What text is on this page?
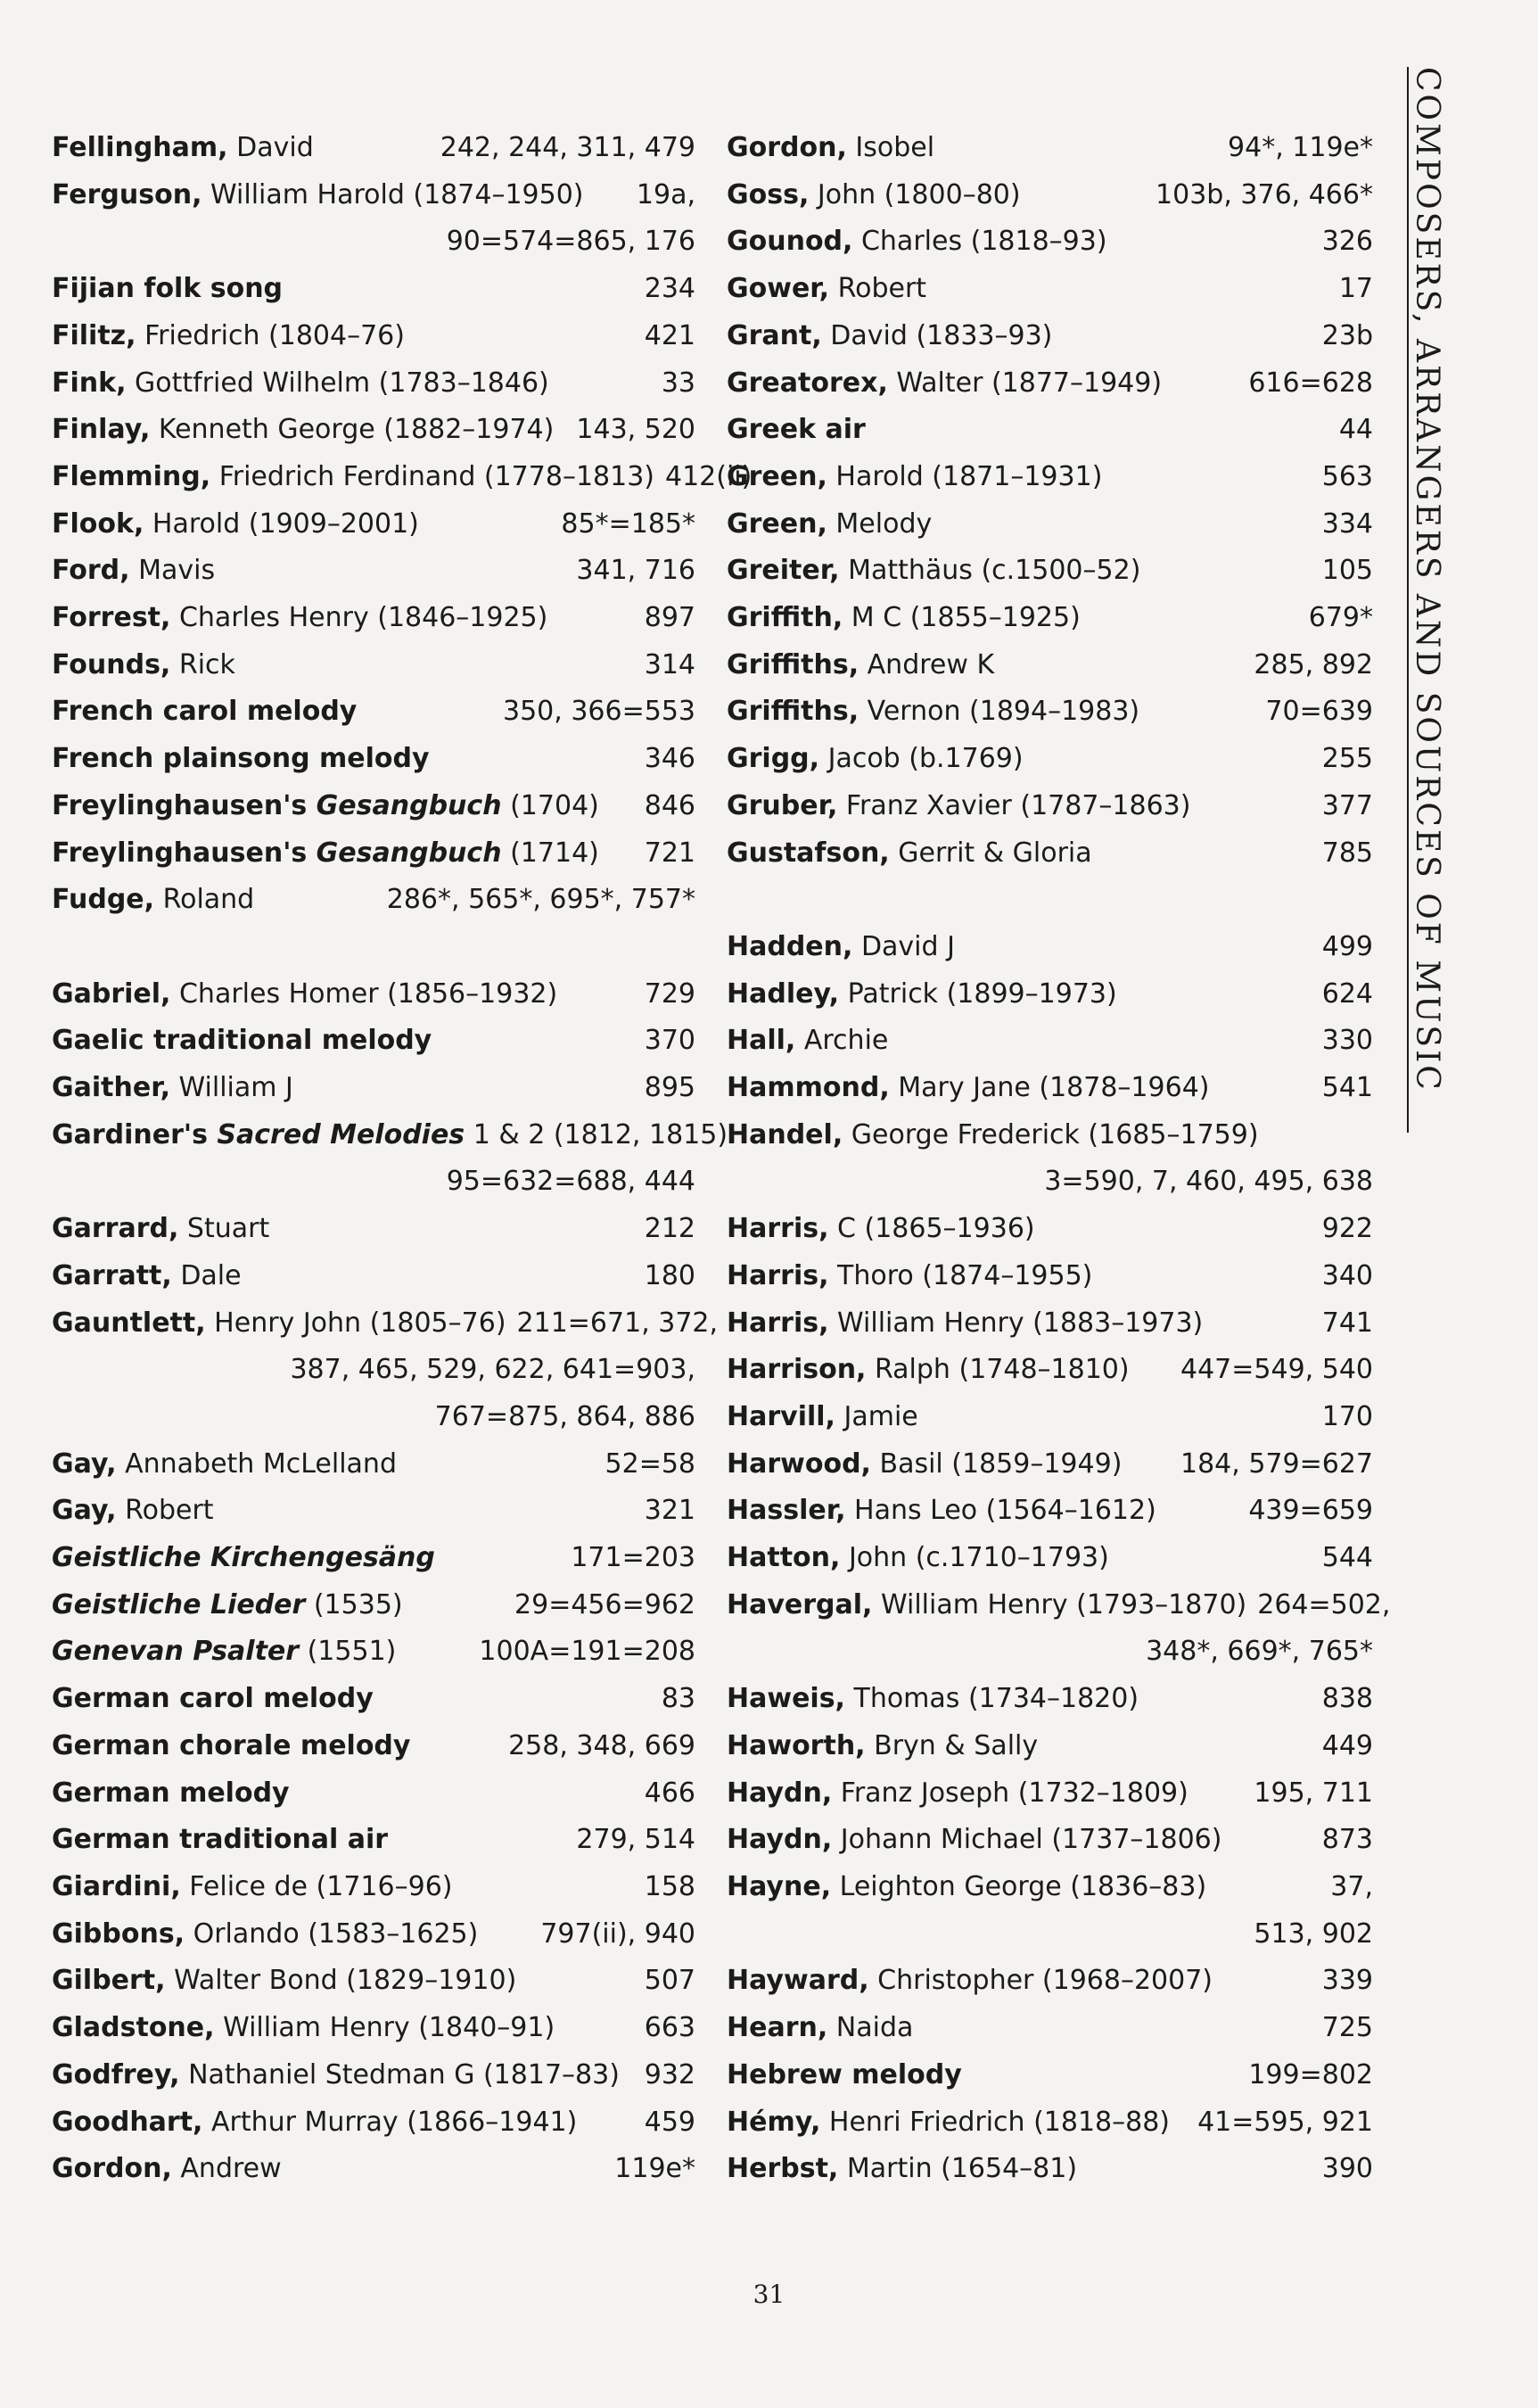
Fellingham, David	242, 244, 311, 479
Ferguson, William Harold (1874–1950) 19a,
90=574=865, 176
Fijian folk song	234
Filitz, Friedrich (1804–76)	421
Fink, Gottfried Wilhelm (1783–1846)	33
Finlay, Kenneth George (1882–1974) 143, 520
Flemming, Friedrich Ferdinand (1778–1813) 412(ii)
Flook, Harold (1909–2001)	85*=185*
Ford, Mavis	341, 716
Forrest, Charles Henry (1846–1925)	897
Founds, Rick	314
French carol melody	350, 366=553
French plainsong melody	346
Freylinghausen's Gesangbuch (1704) 846
Freylinghausen's Gesangbuch (1714) 721
Fudge, Roland	286*, 565*, 695*, 757*
Gabriel, Charles Homer (1856–1932)	729
Gaelic traditional melody	370
Gaither, William J	895
Gardiner's Sacred Melodies 1 & 2 (1812, 1815)
95=632=688, 444
Garrard, Stuart	212
Garratt, Dale	180
Gauntlett, Henry John (1805–76) 211=671, 372,
387, 465, 529, 622, 641=903,
767=875, 864, 886
Gay, Annabeth McLelland	52=58
Gay, Robert	321
Geistliche Kirchengesäng	171=203
Geistliche Lieder (1535)	29=456=962
Genevan Psalter (1551)	100A=191=208
German carol melody	83
German chorale melody	258, 348, 669
German melody	466
German traditional air	279, 514
Giardini, Felice de (1716–96)	158
Gibbons, Orlando (1583–1625) 797(ii), 940
Gilbert, Walter Bond (1829–1910)	507
Gladstone, William Henry (1840–91)	663
Godfrey, Nathaniel Stedman G (1817–83) 932
Goodhart, Arthur Murray (1866–1941)	459
Gordon, Andrew	119e*
Gordon, Isobel	94*, 119e*
Goss, John (1800–80)	103b, 376, 466*
Gounod, Charles (1818–93)	326
Gower, Robert	17
Grant, David (1833–93)	23b
Greatorex, Walter (1877–1949)	616=628
Greek air	44
Green, Harold (1871–1931)	563
Green, Melody	334
Greiter, Matthäus (c.1500–52)	105
Griffith, M C (1855–1925)	679*
Griffiths, Andrew K	285, 892
Griffiths, Vernon (1894–1983)	70=639
Grigg, Jacob (b.1769)	255
Gruber, Franz Xavier (1787–1863)	377
Gustafson, Gerrit & Gloria	785
Hadden, David J	499
Hadley, Patrick (1899–1973)	624
Hall, Archie	330
Hammond, Mary Jane (1878–1964)	541
Handel, George Frederick (1685–1759)
3=590, 7, 460, 495, 638
Harris, C (1865–1936)	922
Harris, Thoro (1874–1955)	340
Harris, William Henry (1883–1973)	741
Harrison, Ralph (1748–1810) 447=549, 540
Harvill, Jamie	170
Harwood, Basil (1859–1949) 184, 579=627
Hassler, Hans Leo (1564–1612)	439=659
Hatton, John (c.1710–1793)	544
Havergal, William Henry (1793–1870) 264=502,
348*, 669*, 765*
Haweis, Thomas (1734–1820)	838
Haworth, Bryn & Sally	449
Haydn, Franz Joseph (1732–1809) 195, 711
Haydn, Johann Michael (1737–1806)	873
Hayne, Leighton George (1836–83)	37,
513, 902
Hayward, Christopher (1968–2007)	339
Hearn, Naida	725
Hebrew melody	199=802
Hémy, Henri Friedrich (1818–88) 41=595, 921
Herbst, Martin (1654–81)	390
COMPOSERS, ARRANGERS AND SOURCES OF MUSIC
31
